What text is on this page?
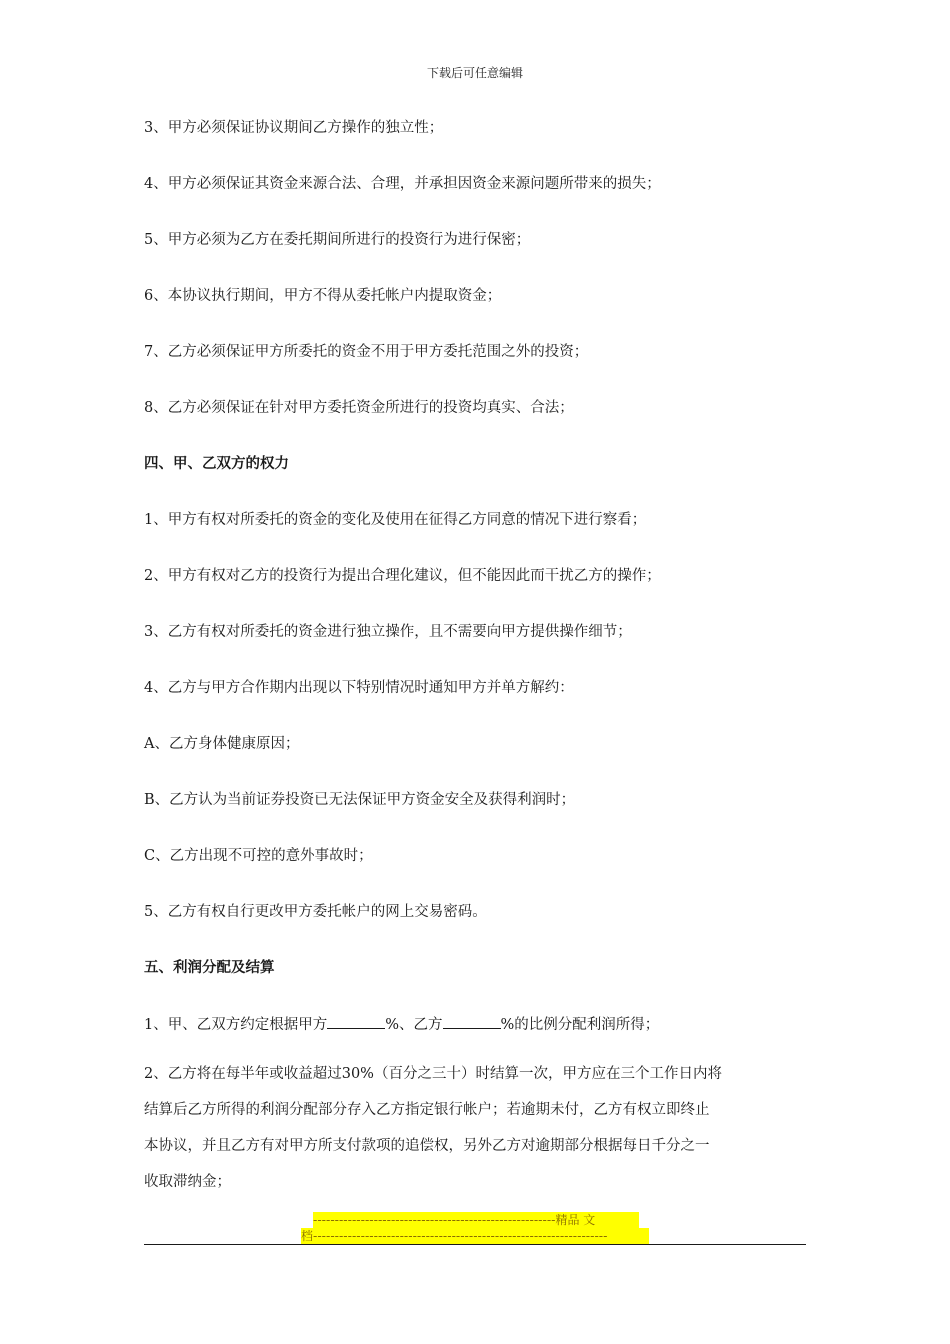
下载后可任意编辑
3、甲方必须保证协议期间乙方操作的独立性；
4、甲方必须保证其资金来源合法、合理，并承担因资金来源问题所带来的损失；
5、甲方必须为乙方在委托期间所进行的投资行为进行保密；
6、本协议执行期间，甲方不得从委托帐户内提取资金；
7、乙方必须保证甲方所委托的资金不用于甲方委托范围之外的投资；
8、乙方必须保证在针对甲方委托资金所进行的投资均真实、合法；
四、甲、乙双方的权力
1、甲方有权对所委托的资金的变化及使用在征得乙方同意的情况下进行察看；
2、甲方有权对乙方的投资行为提出合理化建议，但不能因此而干扰乙方的操作；
3、乙方有权对所委托的资金进行独立操作，且不需要向甲方提供操作细节；
4、乙方与甲方合作期内出现以下特别情况时通知甲方并单方解约：
A、乙方身体健康原因；
B、乙方认为当前证券投资已无法保证甲方资金安全及获得利润时；
C、乙方出现不可控的意外事故时；
5、乙方有权自行更改甲方委托帐户的网上交易密码。
五、利润分配及结算
1、甲、乙双方约定根据甲方	%、乙方	%的比例分配利润所得；
2、乙方将在每半年或收益超过30%（百分之三十）时结算一次，甲方应在三个工作日内将
结算后乙方所得的利润分配部分存入乙方指定银行帐户；若逾期未付，乙方有权立即终止
本协议，并且乙方有对甲方所支付款项的追偿权，另外乙方对逾期部分根据每日千分之一
收取滞纳金；
--------------------------------------------------------精品 文
档--------------------------------------------------------------------
